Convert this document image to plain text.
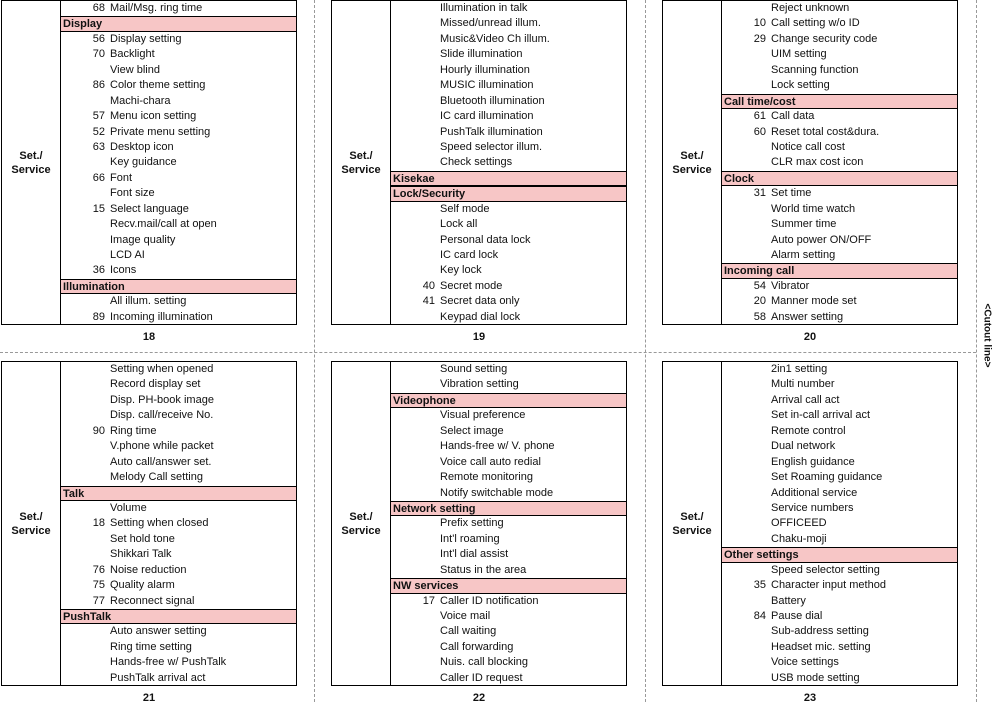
<Cutout line>
Set./
Service
68 Mail/Msg. ring time
Display
56 Display setting
70 Backlight
View blind
86 Color theme setting
Machi-chara
57 Menu icon setting
52 Private menu setting
63 Desktop icon
Key guidance
66 Font
Font size
15 Select language
Recv.mail/call at open
Image quality
LCD AI
36 Icons
Illumination
All illum. setting
89 Incoming illumination
18
Set./
Service
Illumination in talk
Missed/unread illum.
Music&Video Ch illum.
Slide illumination
Hourly illumination
MUSIC illumination
Bluetooth illumination
IC card illumination
PushTalk illumination
Speed selector illum.
Check settings
Kisekae
Lock/Security
Self mode
Lock all
Personal data lock
IC card lock
Key lock
40 Secret mode
41 Secret data only
Keypad dial lock
19
Set./
Service
Reject unknown
10 Call setting w/o ID
29 Change security code
UIM setting
Scanning function
Lock setting
Call time/cost
61 Call data
60 Reset total cost&dura.
Notice call cost
CLR max cost icon
Clock
31 Set time
World time watch
Summer time
Auto power ON/OFF
Alarm setting
Incoming call
54 Vibrator
20 Manner mode set
58 Answer setting
20
Set./
Service
Setting when opened
Record display set
Disp. PH-book image
Disp. call/receive No.
90 Ring time
V.phone while packet
Auto call/answer set.
Melody Call setting
Talk
Volume
18 Setting when closed
Set hold tone
Shikkari Talk
76 Noise reduction
75 Quality alarm
77 Reconnect signal
PushTalk
Auto answer setting
Ring time setting
Hands-free w/ PushTalk
PushTalk arrival act
21
Set./
Service
Sound setting
Vibration setting
Videophone
Visual preference
Select image
Hands-free w/ V. phone
Voice call auto redial
Remote monitoring
Notify switchable mode
Network setting
Prefix setting
Int'l roaming
Int'l dial assist
Status in the area
NW services
17 Caller ID notification
Voice mail
Call waiting
Call forwarding
Nuis. call blocking
Caller ID request
22
Set./
Service
2in1 setting
Multi number
Arrival call act
Set in-call arrival act
Remote control
Dual network
English guidance
Set Roaming guidance
Additional service
Service numbers
OFFICEED
Chaku-moji
Other settings
Speed selector setting
35 Character input method
Battery
84 Pause dial
Sub-address setting
Headset mic. setting
Voice settings
USB mode setting
23
